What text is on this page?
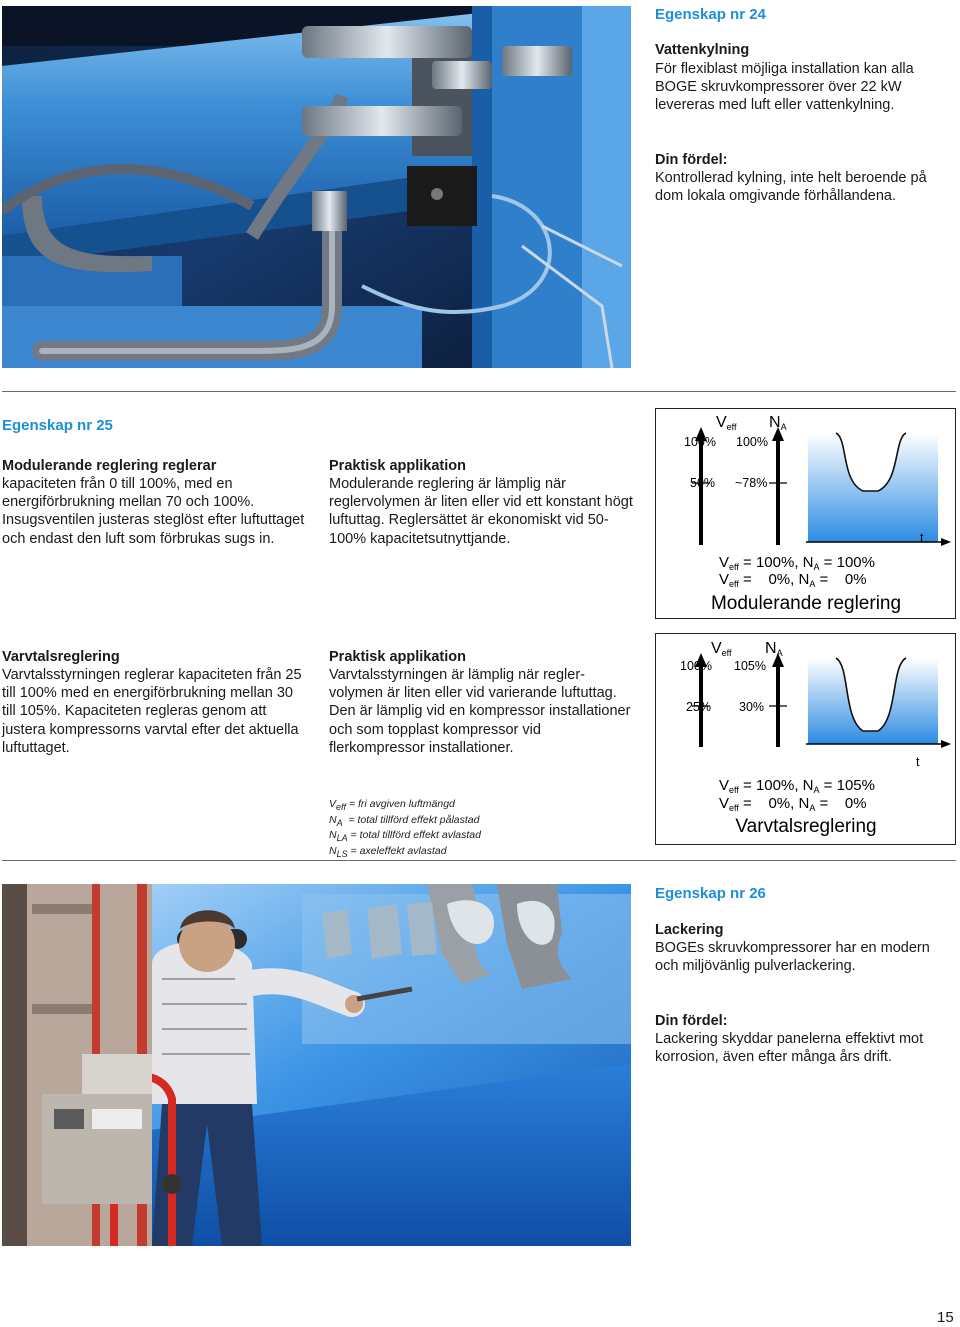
Egenskap nr 24
Vattenkylning
För flexiblast möjliga installation kan alla BOGE skruvkompressorer över 22 kW levereras med luft eller vattenkylning.
Din fördel:
Kontrollerad kylning, inte helt beroende på dom lokala omgivande förhållandena.
Egenskap nr 25
Modulerande reglering reglerar
kapaciteten från 0 till 100%, med en energiförbrukning mellan 70 och 100%. Insugsventilen justeras steglöst efter luftuttaget och endast den luft som förbrukas sugs in.
Praktisk applikation
Modulerande reglering är lämplig när reglervolymen är liten eller vid ett konstant högt luftuttag. Reglersättet är ekonomiskt vid 50-100% kapacitetsutnyttjande.
Veff NA
100% 100%
50% ~78%
t
$V_{eff} = 100\%$, $N_A = 100\%$
$V_{eff}$ =    0%, $N_A$ =    0%
Modulerande reglering
Varvtalsreglering
Varvtalsstyrningen reglerar kapaciteten från 25 till 100% med en energiförbrukning mellan 30 till 105%. Kapaciteten regleras genom att justera kompressorns varvtal efter det aktuella luftuttaget.
Praktisk applikation
Varvtalsstyrningen är lämplig när regler-volymen är liten eller vid varierande luftuttag. Den är lämplig vid en kompressor installationer och som topplast kompressor vid flerkompressor installationer.
$V_{eff}$ = fri avgiven luftmängd
$N_A$  = total tillförd effekt pålastad
$N_{LA}$ = total tillförd effekt avlastad
$N_{LS}$ = axeleffekt avlastad
Veff NA
100% 105%
25% 30%
t
$V_{eff} = 100\%$, $N_A = 105\%$
$V_{eff}$ =    0%, $N_A$ =    0%
Varvtalsreglering
Egenskap nr 26
Lackering
BOGEs skruvkompressorer har en modern och miljövänlig pulverlackering.
Din fördel:
Lackering skyddar panelerna effektivt mot korrosion, även efter många års drift.
15
